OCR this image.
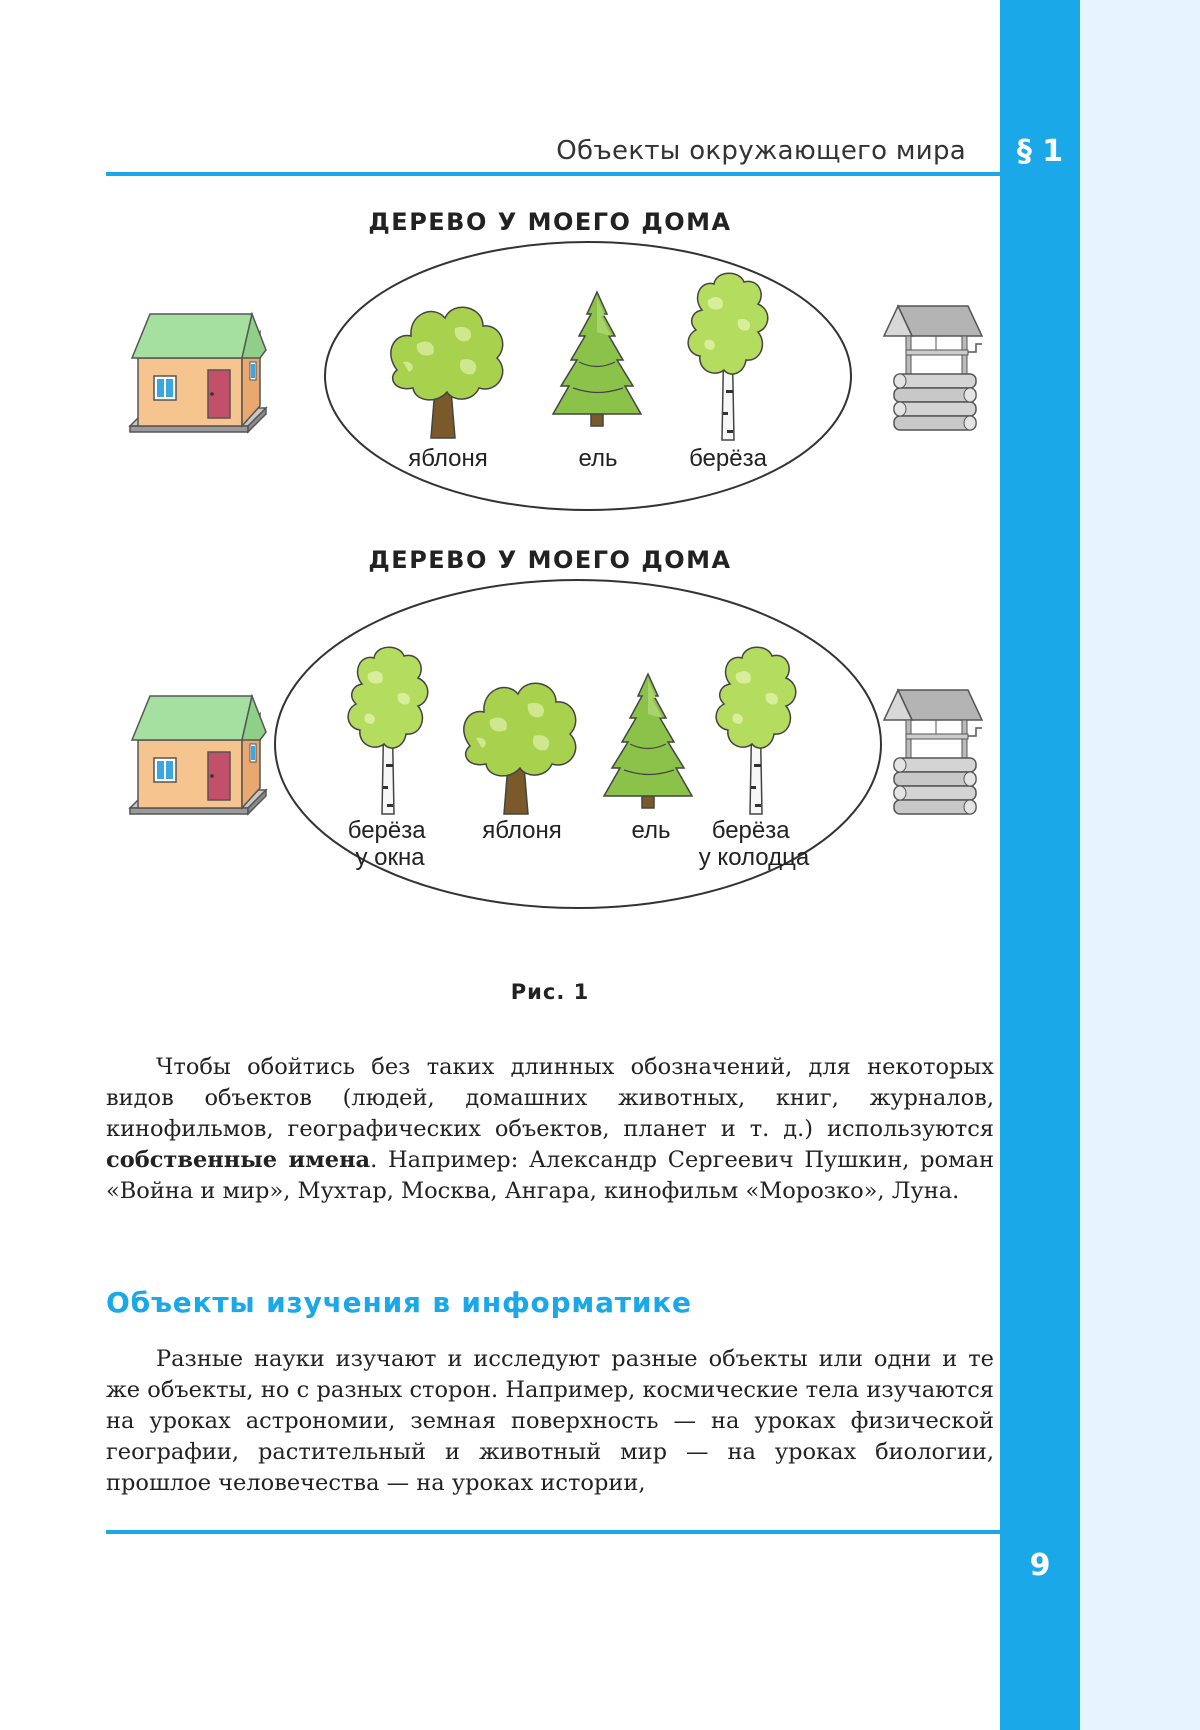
Объекты окружающего мира	§ 1
ДЕРЕВО У МОЕГО ДОМА
яблоня	ель	берёза
ДЕРЕВО У МОЕГО ДОМА
берёза у окна
яблоня	ель	берёза у колодца
Рис. 1

Чтобы обойтись без таких длинных обозначений, для некоторых видов объектов (людей, домашних животных, книг, журналов, кинофильмов, географических объектов, планет и т. д.) используются собственные имена. Например: Александр Сергеевич Пушкин, роман «Война и мир», Мухтар, Москва, Ангара, кинофильм «Морозко», Луна.

Объекты изучения в информатике

Разные науки изучают и исследуют разные объекты или одни и те же объекты, но с разных сторон. Например, космические тела изучаются на уроках астрономии, земная поверхность — на уроках физической географии, растительный и животный мир — на уроках биологии, прошлое человечества — на уроках истории,

9
